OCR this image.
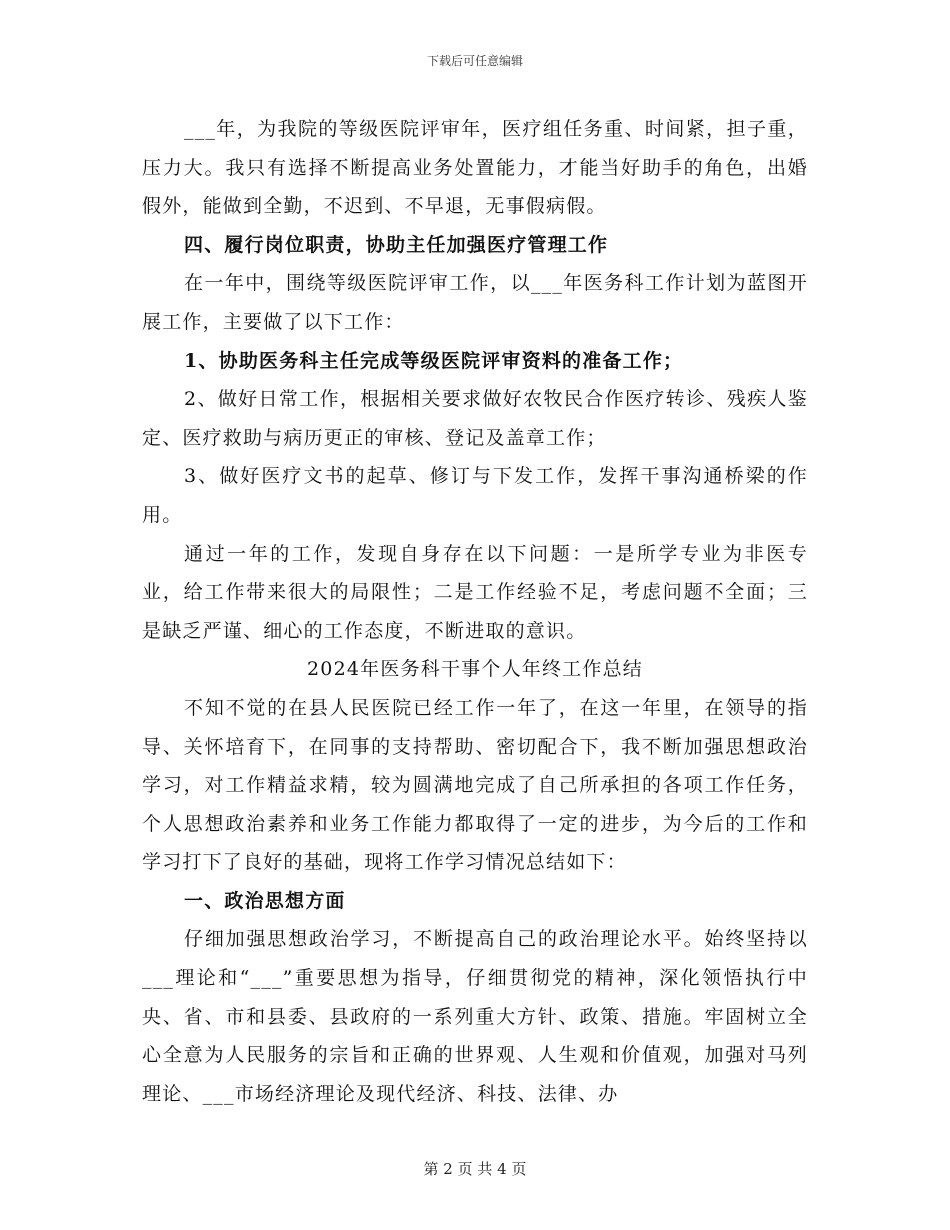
下载后可任意编辑

___年，为我院的等级医院评审年，医疗组任务重、时间紧，担子重，压力大。我只有选择不断提高业务处置能力，才能当好助手的角色，出婚假外，能做到全勤，不迟到、不早退，无事假病假。

四、履行岗位职责，协助主任加强医疗管理工作

在一年中，围绕等级医院评审工作，以___年医务科工作计划为蓝图开展工作，主要做了以下工作：

1、协助医务科主任完成等级医院评审资料的准备工作；

2、做好日常工作，根据相关要求做好农牧民合作医疗转诊、残疾人鉴定、医疗救助与病历更正的审核、登记及盖章工作；

3、做好医疗文书的起草、修订与下发工作，发挥干事沟通桥梁的作用。

通过一年的工作，发现自身存在以下问题：一是所学专业为非医专业，给工作带来很大的局限性；二是工作经验不足，考虑问题不全面；三是缺乏严谨、细心的工作态度，不断进取的意识。

2024年医务科干事个人年终工作总结

不知不觉的在县人民医院已经工作一年了，在这一年里，在领导的指导、关怀培育下，在同事的支持帮助、密切配合下，我不断加强思想政治学习，对工作精益求精，较为圆满地完成了自己所承担的各项工作任务，个人思想政治素养和业务工作能力都取得了一定的进步，为今后的工作和学习打下了良好的基础，现将工作学习情况总结如下：

一、政治思想方面

仔细加强思想政治学习，不断提高自己的政治理论水平。始终坚持以___理论和“___”重要思想为指导，仔细贯彻党的精神，深化领悟执行中央、省、市和县委、县政府的一系列重大方针、政策、措施。牢固树立全心全意为人民服务的宗旨和正确的世界观、人生观和价值观，加强对马列理论、___市场经济理论及现代经济、科技、法律、办

第 2 页 共 4 页
